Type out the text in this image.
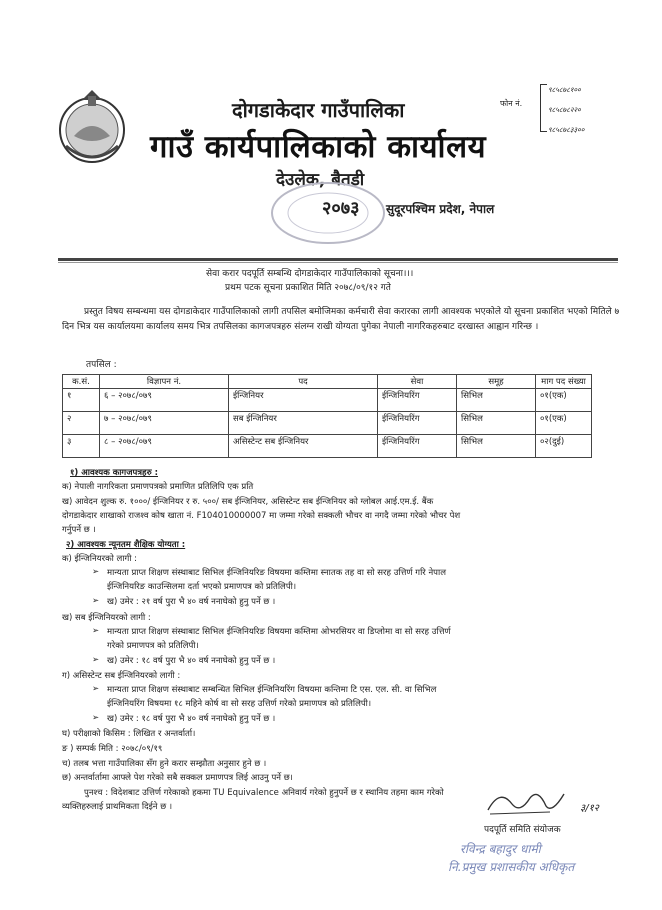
दोगडाकेदार गाउँपालिका
गाउँ कार्यपालिकाको कार्यालय
देउलेक, बैतडी
२०७३ सुदूरपश्चिम प्रदेश, नेपाल
फोन नं.
९८५८७८१००
९८५८७८२२०
९८५८७८३३००
सेवा करार पदपूर्ति सम्बन्धि दोगडाकेदार गाउँपालिकाको सूचना।।।
प्रथम पटक सूचना प्रकाशित मिति २०७८/०९/१२ गते
प्रस्तुत विषय सम्बन्धमा यस दोगडाकेदार गाउँपालिकाको लागी तपसिल बमोजिमका कर्मचारी सेवा करारका लागी आवश्यक भएकोले यो सूचना प्रकाशित भएको मितिले ७ दिन भित्र यस कार्यालयमा कार्यालय समय भित्र तपसिलका कागजपत्रहरु संलग्न राखी योग्यता पुगेका नेपाली नागरिकहरुबाट दरखास्त आह्वान गरिन्छ ।
तपसिल :
क.सं.	विज्ञापन नं.	पद	सेवा	समूह	माग पद संख्या
१	६ – २०७८/०७९	ईन्जिनियर	ईन्जिनियरिंग	सिभिल	०१(एक)
२	७ – २०७८/०७९	सब ईन्जिनियर	ईन्जिनियरिंग	सिभिल	०१(एक)
३	८ – २०७८/०७९	असिस्टेन्ट सब ईन्जिनियर	ईन्जिनियरिंग	सिभिल	०२(दुई)
१) आवश्यक कागजपत्रहरु :
क) नेपाली नागरिकता प्रमाणपत्रको प्रमाणित प्रतिलिपि एक प्रति
ख) आवेदन शुल्क रु. १०००/ ईन्जिनियर र रु. ५००/ सब ईन्जिनियर, असिस्टेन्ट सब ईन्जिनियर को ग्लोबल आई.एम.ई. बैंक
दोगडाकेदार शाखाको राजश्व कोष खाता नं. F104010000007 मा जम्मा गरेको सक्कली भौचर वा नगदै जम्मा गरेको भौचर पेश
गर्नुपर्ने छ ।
२) आवश्यक न्यूनतम शैक्षिक योग्यता :
क) ईन्जिनियरको लागी :
➢ मान्यता प्राप्त शिक्षण संस्थाबाट सिभिल ईन्जिनियरिङ विषयमा कम्तिमा स्नातक तह वा सो सरह उत्तिर्ण गरि नेपाल
ईन्जिनियरिङ काउन्सिलमा दर्ता भएको प्रमाणपत्र को प्रतिलिपी।
➢ ख) उमेर : २१ वर्ष पुरा भै ४० वर्ष ननाघेको हुनु पर्ने छ ।
ख) सब ईन्जिनियरको लागी :
➢ मान्यता प्राप्त शिक्षण संस्थाबाट सिभिल ईन्जिनियरिङ विषयमा कम्तिमा ओभरसियर वा डिप्लोमा वा सो सरह उत्तिर्ण
गरेको प्रमाणपत्र को प्रतिलिपी।
➢ ख) उमेर : १८ वर्ष पुरा भै ४० वर्ष ननाघेको हुनु पर्ने छ ।
ग) असिस्टेन्ट सब ईन्जिनियरको लागी :
➢ मान्यता प्राप्त शिक्षण संस्थाबाट सम्बन्धित सिभिल ईन्जिनियरिंग विषयमा कन्तिमा टि एस. एल. सी. वा सिभिल
ईन्जिनियरिंग विषयमा १८ महिने कोर्ष वा सो सरह उत्तिर्ण गरेको प्रमाणपत्र को प्रतिलिपी।
➢ ख) उमेर : १८ वर्ष पुरा भै ४० वर्ष ननाघेको हुनु पर्ने छ ।
घ) परीक्षाको किसिम : लिखित र अन्तर्वार्ता।
ङ ) सम्पर्क मिति : २०७८/०९/१९
च) तलब भत्ता गाउँपालिका सँग हुने करार सम्झौता अनुसार हुने छ ।
छ) अन्तर्वार्तामा आफ्ले पेश गरेको सबै सक्कल प्रमाणपत्र लिई आउनु पर्ने छ।
पुनश्च : विदेशबाट उत्तिर्ण गरेकाको हकमा TU Equivalence अनिवार्य गरेको हुनुपर्ने छ र स्थानिय तहमा काम गरेको
व्यक्तिहरुलाई प्राथमिकता दिईने छ ।	३/१२
पदपूर्ति समिति संयोजक
रविन्द्र बहादुर धामी
नि.प्रमुख प्रशासकीय अधिकृत
